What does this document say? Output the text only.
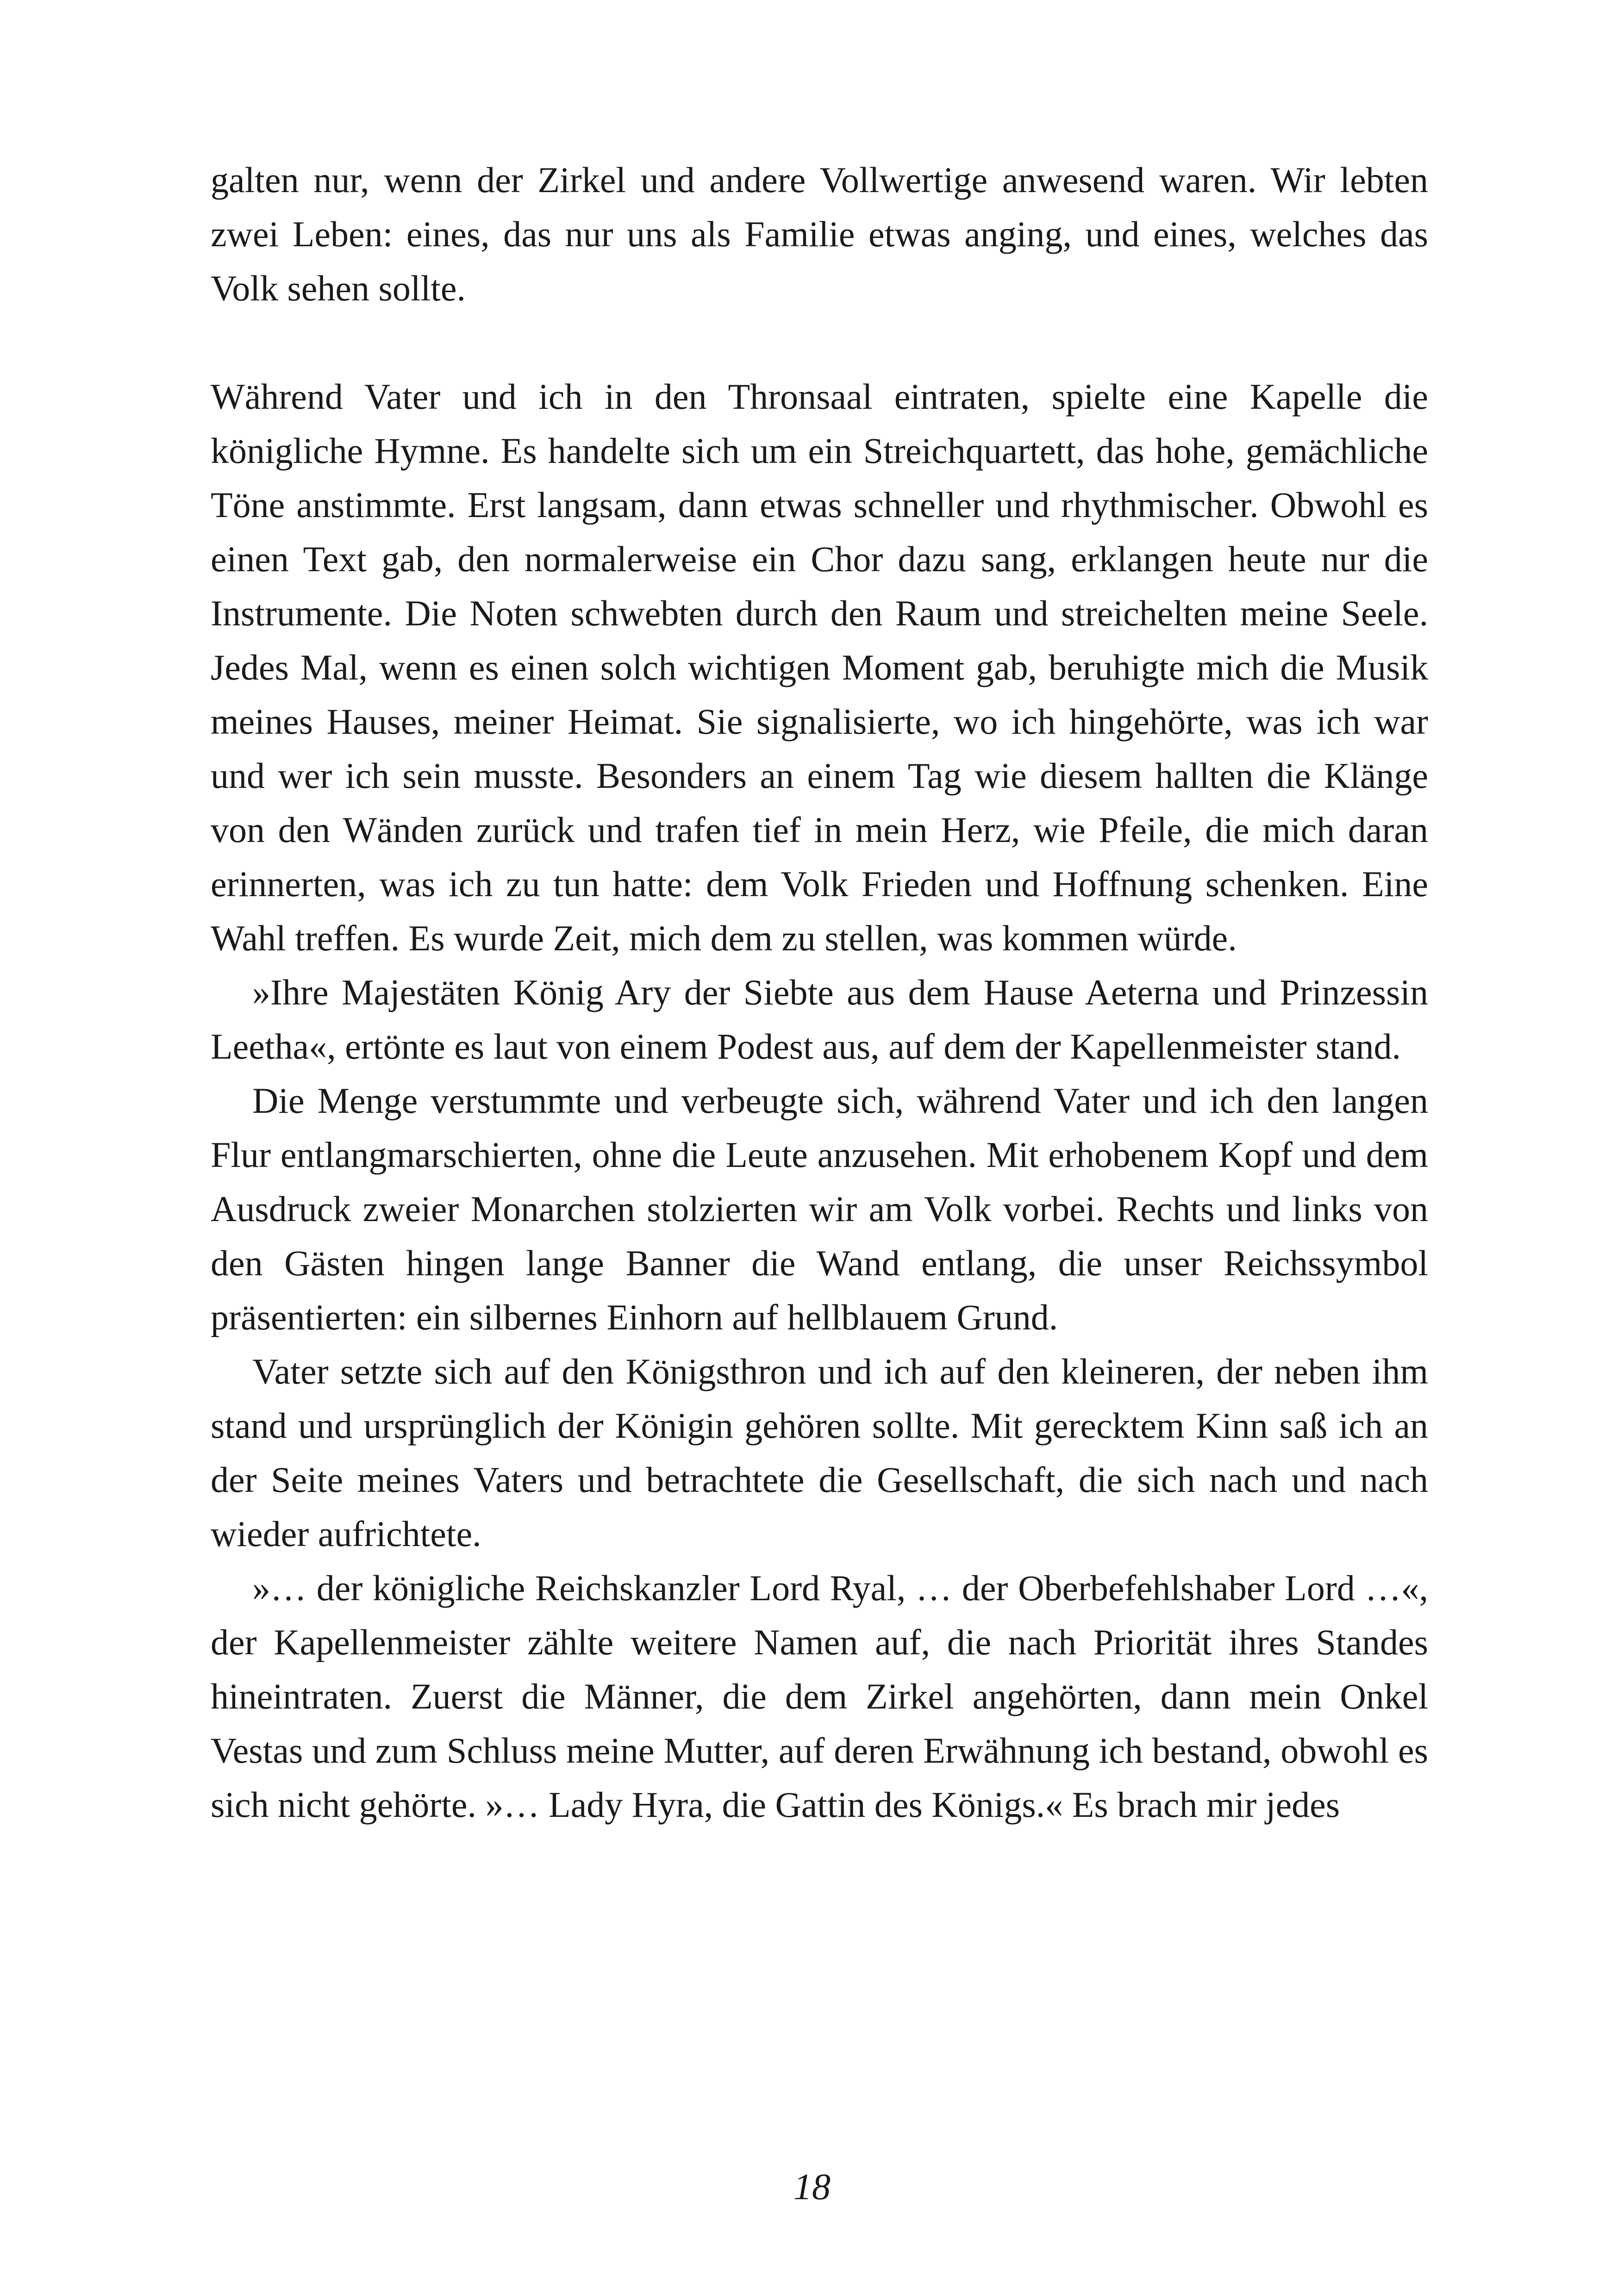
galten nur, wenn der Zirkel und andere Vollwertige anwesend waren. Wir lebten zwei Leben: eines, das nur uns als Familie etwas anging, und eines, welches das Volk sehen sollte.

Während Vater und ich in den Thronsaal eintraten, spielte eine Kapelle die königliche Hymne. Es handelte sich um ein Streichquartett, das hohe, gemächliche Töne anstimmte. Erst langsam, dann etwas schneller und rhythmischer. Obwohl es einen Text gab, den normalerweise ein Chor dazu sang, erklangen heute nur die Instrumente. Die Noten schwebten durch den Raum und streichelten meine Seele. Jedes Mal, wenn es einen solch wichtigen Moment gab, beruhigte mich die Musik meines Hauses, meiner Heimat. Sie signalisierte, wo ich hingehörte, was ich war und wer ich sein musste. Besonders an einem Tag wie diesem hallten die Klänge von den Wänden zurück und trafen tief in mein Herz, wie Pfeile, die mich daran erinnerten, was ich zu tun hatte: dem Volk Frieden und Hoffnung schenken. Eine Wahl treffen. Es wurde Zeit, mich dem zu stellen, was kommen würde.

»Ihre Majestäten König Ary der Siebte aus dem Hause Aeterna und Prinzessin Leetha«, ertönte es laut von einem Podest aus, auf dem der Kapellenmeister stand.

Die Menge verstummte und verbeugte sich, während Vater und ich den langen Flur entlangmarschierten, ohne die Leute anzusehen. Mit erhobenem Kopf und dem Ausdruck zweier Monarchen stolzierten wir am Volk vorbei. Rechts und links von den Gästen hingen lange Banner die Wand entlang, die unser Reichssymbol präsentierten: ein silbernes Einhorn auf hellblauem Grund.

Vater setzte sich auf den Königsthron und ich auf den kleineren, der neben ihm stand und ursprünglich der Königin gehören sollte. Mit gerecktem Kinn saß ich an der Seite meines Vaters und betrachtete die Gesellschaft, die sich nach und nach wieder aufrichtete.

»… der königliche Reichskanzler Lord Ryal, … der Oberbefehlshaber Lord …«, der Kapellenmeister zählte weitere Namen auf, die nach Priorität ihres Standes hineintraten. Zuerst die Männer, die dem Zirkel angehörten, dann mein Onkel Vestas und zum Schluss meine Mutter, auf deren Erwähnung ich bestand, obwohl es sich nicht gehörte. »… Lady Hyra, die Gattin des Königs.« Es brach mir jedes

18
